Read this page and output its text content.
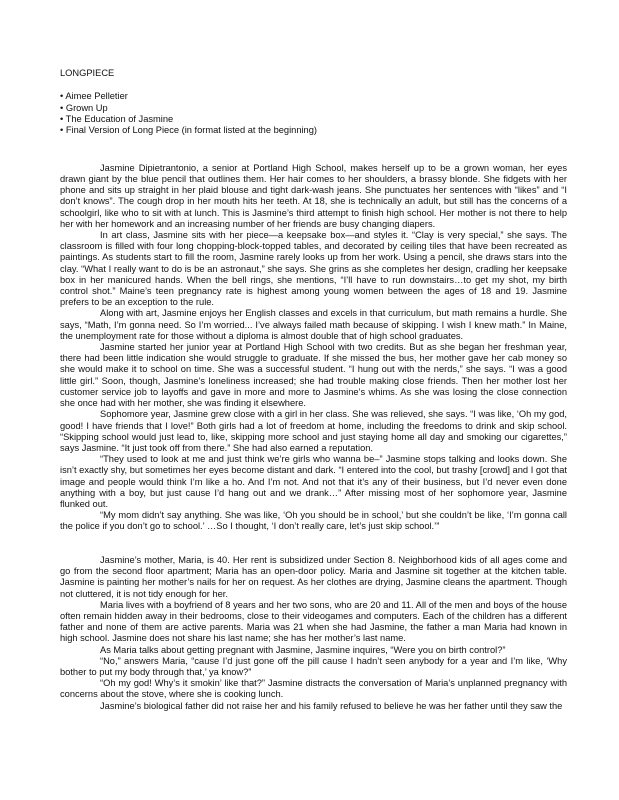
LONGPIECE
• Aimee Pelletier
• Grown Up
• The Education of Jasmine
• Final Version of Long Piece (in format listed at the beginning)

Jasmine Dipietrantonio, a senior at Portland High School, makes herself up to be a grown woman, her eyes drawn giant by the blue pencil that outlines them. Her hair comes to her shoulders, a brassy blonde. She fidgets with her phone and sits up straight in her plaid blouse and tight dark-wash jeans. She punctuates her sentences with “likes” and “I don’t knows”. The cough drop in her mouth hits her teeth. At 18, she is technically an adult, but still has the concerns of a schoolgirl, like who to sit with at lunch. This is Jasmine’s third attempt to finish high school. Her mother is not there to help her with her homework and an increasing number of her friends are busy changing diapers.

In art class, Jasmine sits with her piece—a keepsake box—and styles it. “Clay is very special,” she says. The classroom is filled with four long chopping-block-topped tables, and decorated by ceiling tiles that have been recreated as paintings. As students start to fill the room, Jasmine rarely looks up from her work. Using a pencil, she draws stars into the clay. “What I really want to do is be an astronaut,” she says. She grins as she completes her design, cradling her keepsake box in her manicured hands. When the bell rings, she mentions, “I’ll have to run downstairs…to get my shot, my birth control shot.” Maine’s teen pregnancy rate is highest among young women between the ages of 18 and 19. Jasmine prefers to be an exception to the rule.

Along with art, Jasmine enjoys her English classes and excels in that curriculum, but math remains a hurdle. She says, “Math, I’m gonna need. So I’m worried... I’ve always failed math because of skipping. I wish I knew math.” In Maine, the unemployment rate for those without a diploma is almost double that of high school graduates.

Jasmine started her junior year at Portland High School with two credits. But as she began her freshman year, there had been little indication she would struggle to graduate. If she missed the bus, her mother gave her cab money so she would make it to school on time. She was a successful student. “I hung out with the nerds,” she says. “I was a good little girl.” Soon, though, Jasmine’s loneliness increased; she had trouble making close friends. Then her mother lost her customer service job to layoffs and gave in more and more to Jasmine’s whims. As she was losing the close connection she once had with her mother, she was finding it elsewhere.

Sophomore year, Jasmine grew close with a girl in her class. She was relieved, she says. “I was like, ‘Oh my god, good! I have friends that I love!” Both girls had a lot of freedom at home, including the freedoms to drink and skip school. “Skipping school would just lead to, like, skipping more school and just staying home all day and smoking our cigarettes,” says Jasmine. “It just took off from there.” She had also earned a reputation.

“They used to look at me and just think we’re girls who wanna be–” Jasmine stops talking and looks down. She isn’t exactly shy, but sometimes her eyes become distant and dark. “I entered into the cool, but trashy [crowd] and I got that image and people would think I’m like a ho. And I’m not. And not that it’s any of their business, but I’d never even done anything with a boy, but just cause I’d hang out and we drank…” After missing most of her sophomore year, Jasmine flunked out.

“My mom didn’t say anything. She was like, ‘Oh you should be in school,’ but she couldn’t be like, ‘I’m gonna call the police if you don’t go to school.’ …So I thought, ‘I don’t really care, let’s just skip school.’”

Jasmine’s mother, Maria, is 40. Her rent is subsidized under Section 8. Neighborhood kids of all ages come and go from the second floor apartment; Maria has an open-door policy. Maria and Jasmine sit together at the kitchen table. Jasmine is painting her mother’s nails for her on request. As her clothes are drying, Jasmine cleans the apartment. Though not cluttered, it is not tidy enough for her.

Maria lives with a boyfriend of 8 years and her two sons, who are 20 and 11. All of the men and boys of the house often remain hidden away in their bedrooms, close to their videogames and computers. Each of the children has a different father and none of them are active parents. Maria was 21 when she had Jasmine, the father a man Maria had known in high school. Jasmine does not share his last name; she has her mother’s last name.

As Maria talks about getting pregnant with Jasmine, Jasmine inquires, “Were you on birth control?”

“No,” answers Maria, “cause I’d just gone off the pill cause I hadn’t seen anybody for a year and I’m like, ‘Why bother to put my body through that,’ ya know?”

“Oh my god! Why’s it smokin’ like that?” Jasmine distracts the conversation of Maria’s unplanned pregnancy with concerns about the stove, where she is cooking lunch.

Jasmine’s biological father did not raise her and his family refused to believe he was her father until they saw the
